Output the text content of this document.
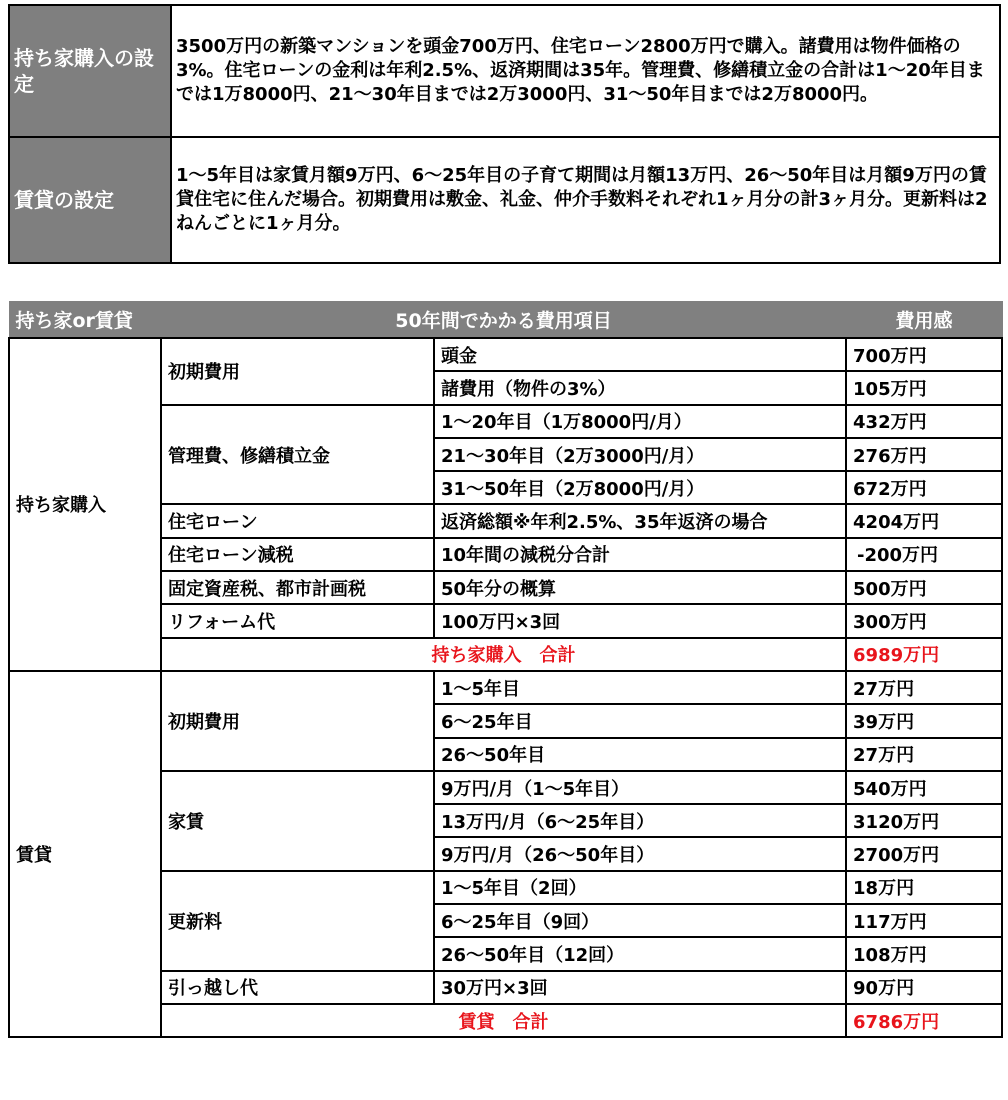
持ち家購入の設定	3500万円の新築マンションを頭金700万円、住宅ローン2800万円で購入。諸費用は物件価格の3%。住宅ローンの金利は年利2.5%、返済期間は35年。管理費、修繕積立金の合計は1～20年目までは1万8000円、21～30年目までは2万3000円、31～50年目までは2万8000円。
賃貸の設定	1～5年目は家賃月額9万円、6～25年目の子育て期間は月額13万円、26～50年目は月額9万円の賃貸住宅に住んだ場合。初期費用は敷金、礼金、仲介手数料それぞれ1ヶ月分の計3ヶ月分。更新料は2ねんごとに1ヶ月分。
持ち家or賃貸	50年間でかかる費用項目		費用感
持ち家購入	初期費用	頭金	700万円
		諸費用（物件の3%）	105万円
	管理費、修繕積立金	1～20年目（1万8000円/月）	432万円
		21～30年目（2万3000円/月）	276万円
		31～50年目（2万8000円/月）	672万円
	住宅ローン	返済総額※年利2.5%、35年返済の場合	4204万円
	住宅ローン減税	10年間の減税分合計	-200万円
	固定資産税、都市計画税	50年分の概算	500万円
	リフォーム代	100万円×3回	300万円
	持ち家購入　合計		6989万円
賃貸	初期費用	1～5年目	27万円
		6～25年目	39万円
		26～50年目	27万円
	家賃	9万円/月（1～5年目）	540万円
		13万円/月（6～25年目）	3120万円
		9万円/月（26～50年目）	2700万円
	更新料	1～5年目（2回）	18万円
		6～25年目（9回）	117万円
		26～50年目（12回）	108万円
	引っ越し代	30万円×3回	90万円
	賃貸　合計		6786万円
